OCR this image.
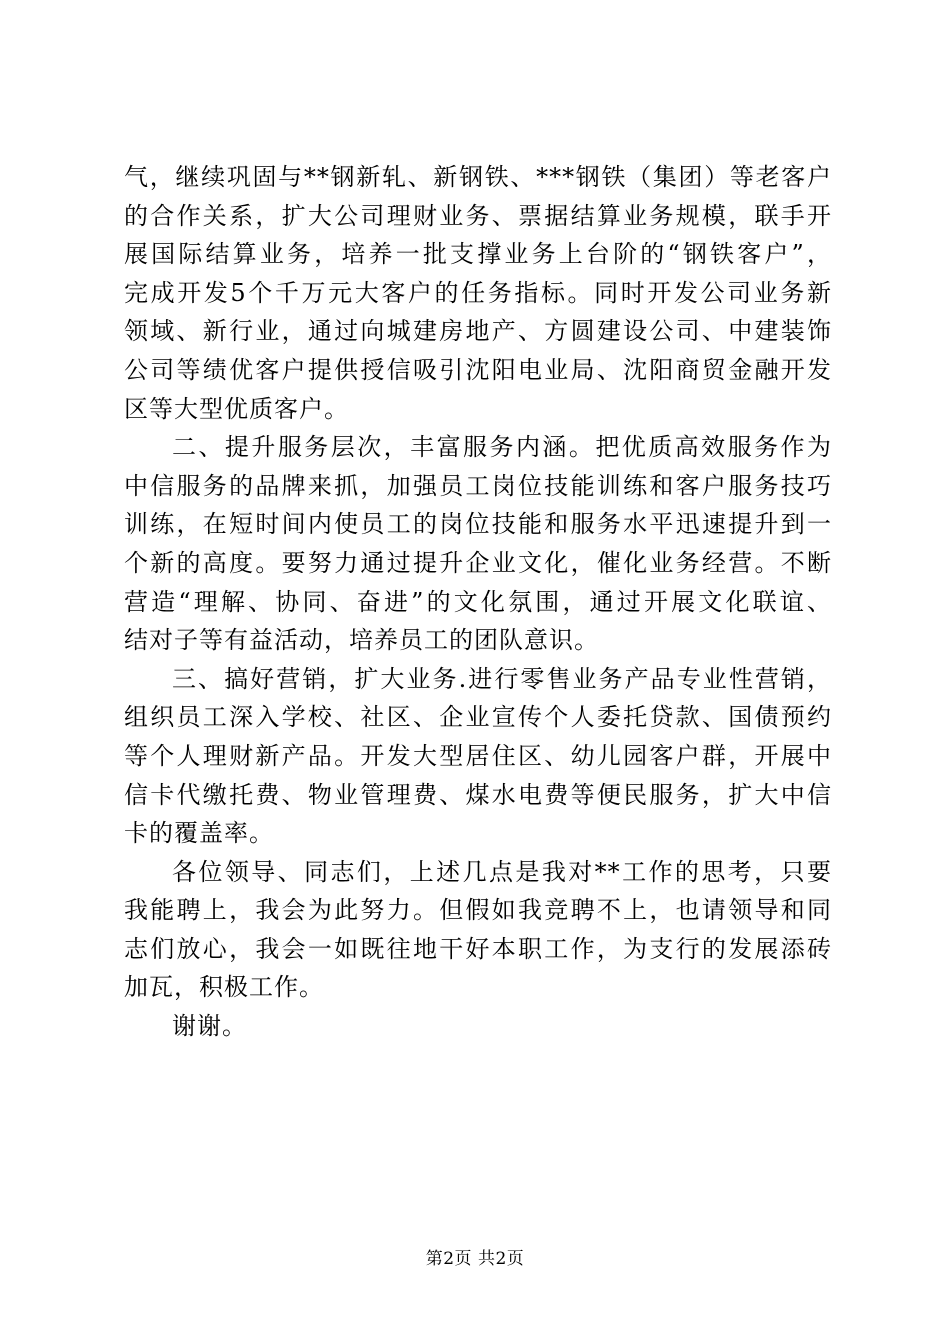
气，继续巩固与**钢新轧、新钢铁、***钢铁（集团）等老客户
的合作关系，扩大公司理财业务、票据结算业务规模，联手开
展国际结算业务，培养一批支撑业务上台阶的“钢铁客户”，
完成开发5个千万元大客户的任务指标。同时开发公司业务新
领域、新行业，通过向城建房地产、方圆建设公司、中建装饰
公司等绩优客户提供授信吸引沈阳电业局、沈阳商贸金融开发
区等大型优质客户。
二、提升服务层次，丰富服务内涵。把优质高效服务作为
中信服务的品牌来抓，加强员工岗位技能训练和客户服务技巧
训练，在短时间内使员工的岗位技能和服务水平迅速提升到一
个新的高度。要努力通过提升企业文化，催化业务经营。不断
营造“理解、协同、奋进”的文化氛围，通过开展文化联谊、
结对子等有益活动，培养员工的团队意识。
三、搞好营销，扩大业务.进行零售业务产品专业性营销，
组织员工深入学校、社区、企业宣传个人委托贷款、国债预约
等个人理财新产品。开发大型居住区、幼儿园客户群，开展中
信卡代缴托费、物业管理费、煤水电费等便民服务，扩大中信
卡的覆盖率。
各位领导、同志们，上述几点是我对**工作的思考，只要
我能聘上，我会为此努力。但假如我竞聘不上，也请领导和同
志们放心，我会一如既往地干好本职工作，为支行的发展添砖
加瓦，积极工作。
谢谢。
第2页 共2页
